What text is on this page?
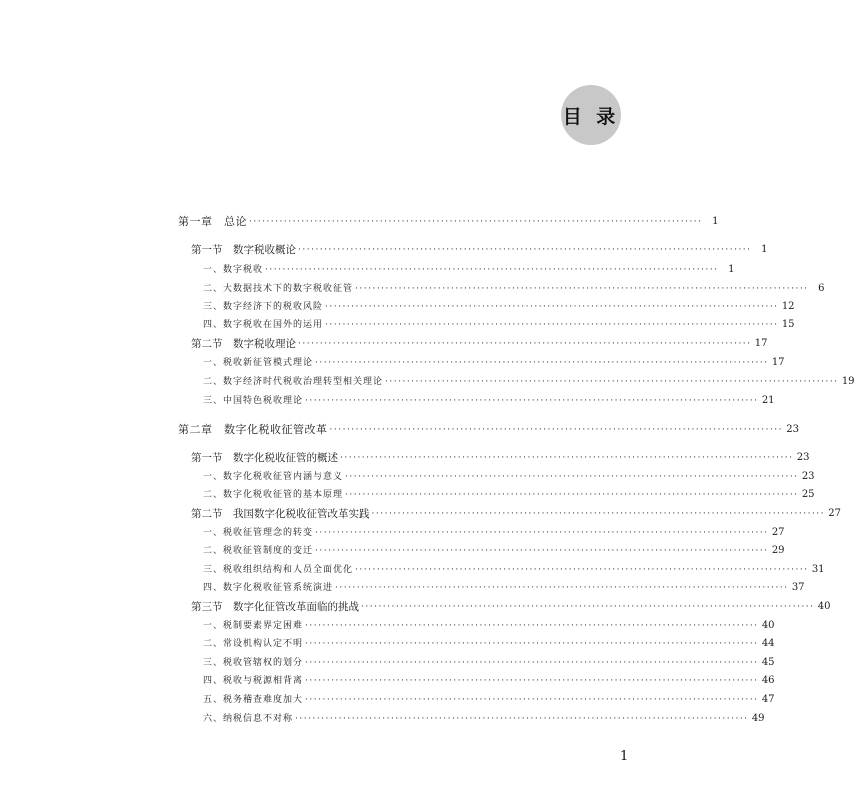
目 录
第一章　总论 ········································································································ 1
第一节　数字税收概论 ········································································································ 1
一、数字税收 ········································································································ 1
二、大数据技术下的数字税收征管 ········································································································ 6
三、数字经济下的税收风险 ········································································································ 12
四、数字税收在国外的运用 ········································································································ 15
第二节　数字税收理论 ········································································································ 17
一、税收新征管模式理论 ········································································································ 17
二、数字经济时代税收治理转型相关理论 ········································································································ 19
三、中国特色税收理论 ········································································································ 21
第二章　数字化税收征管改革 ········································································································ 23
第一节　数字化税收征管的概述 ········································································································ 23
一、数字化税收征管内涵与意义 ········································································································ 23
二、数字化税收征管的基本原理 ········································································································ 25
第二节　我国数字化税收征管改革实践 ········································································································ 27
一、税收征管理念的转变 ········································································································ 27
二、税收征管制度的变迁 ········································································································ 29
三、税收组织结构和人员全面优化 ········································································································ 31
四、数字化税收征管系统演进 ········································································································ 37
第三节　数字化征管改革面临的挑战 ········································································································ 40
一、税制要素界定困难 ········································································································ 40
二、常设机构认定不明 ········································································································ 44
三、税收管辖权的划分 ········································································································ 45
四、税收与税源相背离 ········································································································ 46
五、税务稽查难度加大 ········································································································ 47
六、纳税信息不对称 ········································································································ 49
1
